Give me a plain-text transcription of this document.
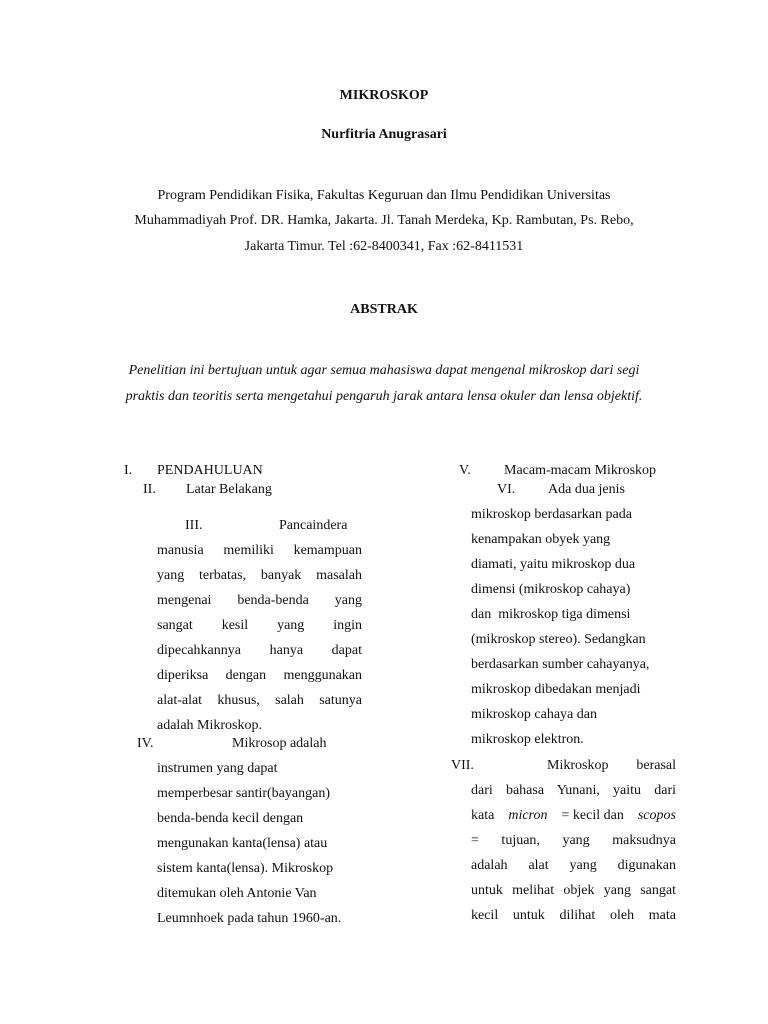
MIKROSKOP
Nurfitria Anugrasari
Program Pendidikan Fisika, Fakultas Keguruan dan Ilmu Pendidikan Universitas
Muhammadiyah Prof. DR. Hamka, Jakarta. Jl. Tanah Merdeka, Kp. Rambutan, Ps. Rebo,
Jakarta Timur. Tel :62-8400341, Fax :62-8411531
ABSTRAK
Penelitian ini bertujuan untuk agar semua mahasiswa dapat mengenal mikroskop dari segi
praktis dan teoritis serta mengetahui pengaruh jarak antara lensa okuler dan lensa objektif.
I. PENDAHULUAN
II. Latar Belakang
III.	Pancaindera
manusia memiliki kemampuan
yang terbatas, banyak masalah
mengenai benda-benda yang
sangat kesil yang ingin
dipecahkannya hanya dapat
diperiksa dengan menggunakan
alat-alat khusus, salah satunya
adalah Mikroskop.
IV.	Mikrosop adalah
instrumen yang dapat
memperbesar santir(bayangan)
benda-benda kecil dengan
mengunakan kanta(lensa) atau
sistem kanta(lensa). Mikroskop
ditemukan oleh Antonie Van
Leumnhoek pada tahun 1960-an.
V. Macam-macam Mikroskop
VI. Ada dua jenis
mikroskop berdasarkan pada
kenampakan obyek yang
diamati, yaitu mikroskop dua
dimensi (mikroskop cahaya)
dan  mikroskop tiga dimensi
(mikroskop stereo). Sedangkan
berdasarkan sumber cahayanya,
mikroskop dibedakan menjadi
mikroskop cahaya dan
mikroskop elektron.
VII.	Mikroskop berasal
dari bahasa Yunani, yaitu dari
kata micron = kecil dan scopos
= tujuan, yang maksudnya
adalah alat yang digunakan
untuk melihat objek yang sangat
kecil untuk dilihat oleh mata
